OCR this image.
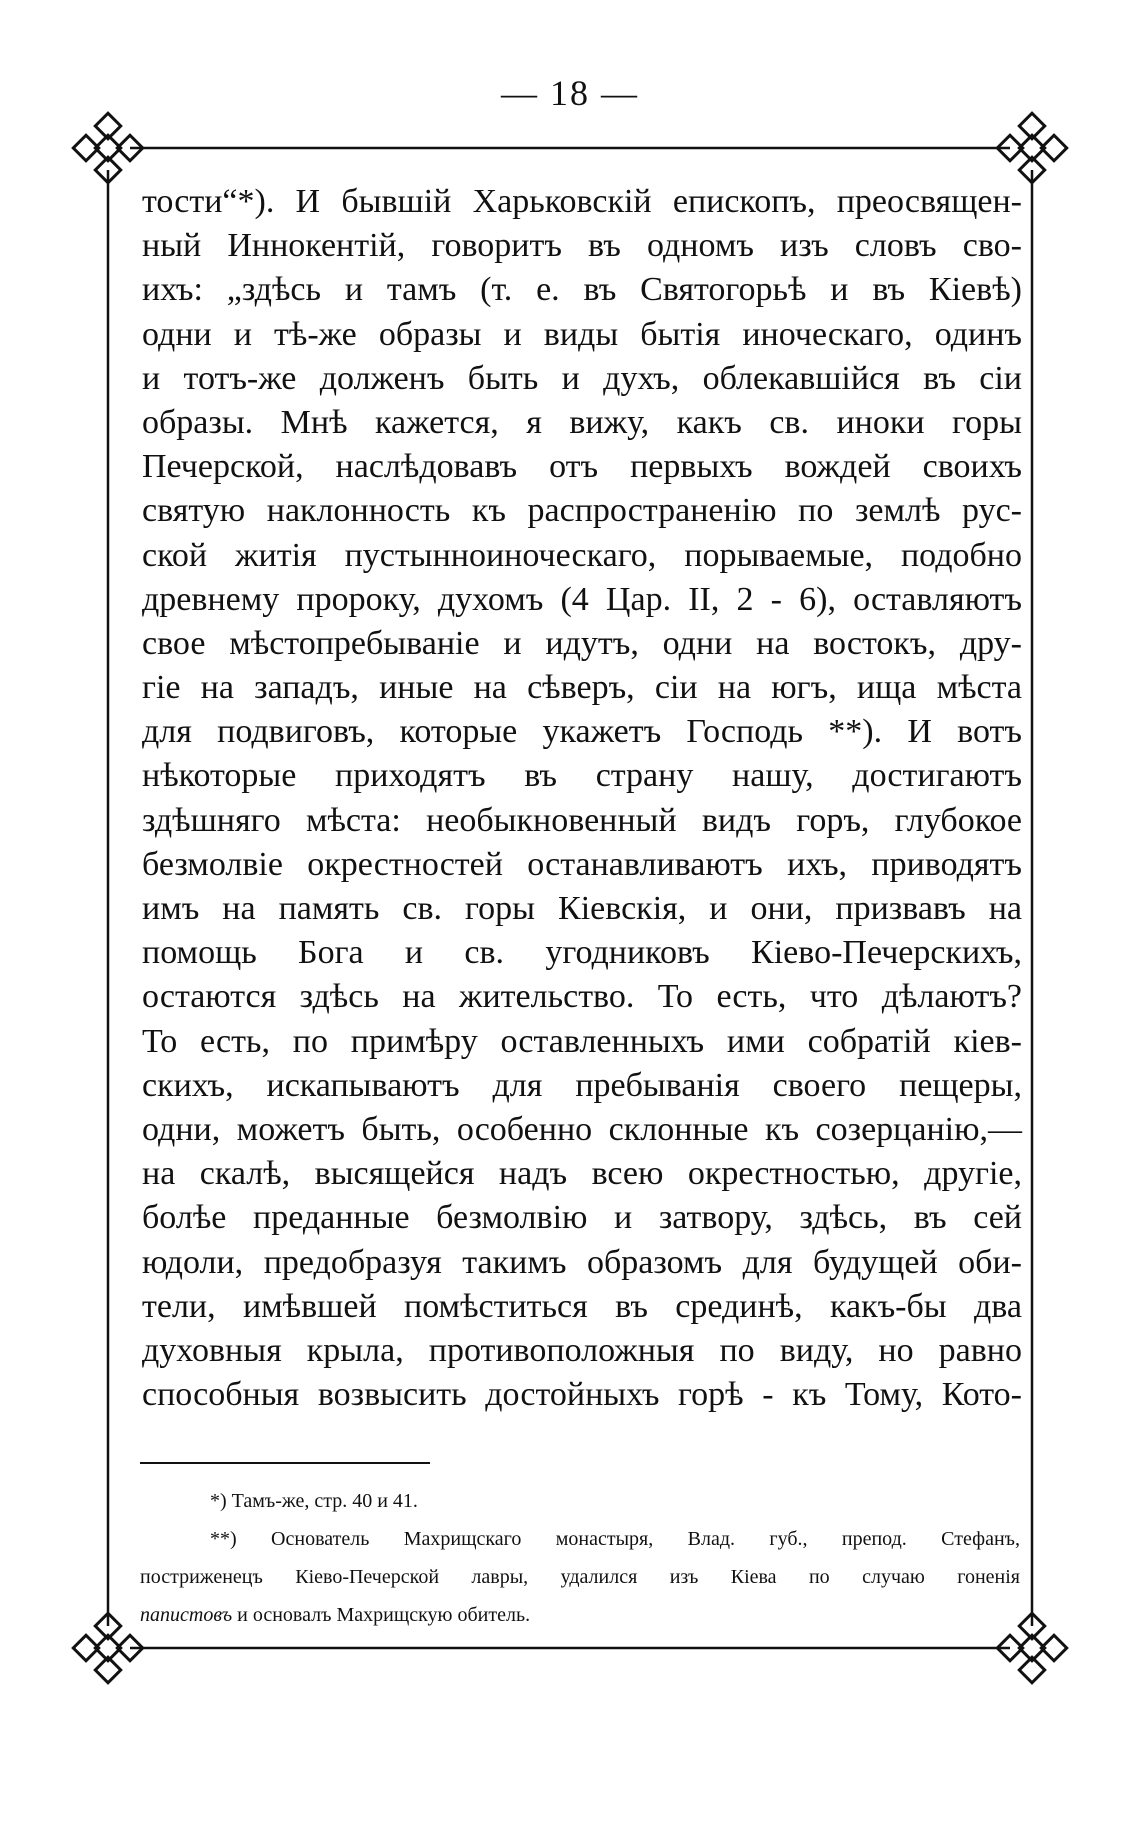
— 18 —
тости“*). И бывшій Харьковскій епископъ, преосвящен-
ный Иннокентій, говоритъ въ одномъ изъ словъ сво-
ихъ: „здѣсь и тамъ (т. е. въ Святогорьѣ и въ Кіевѣ)
одни и тѣ-же образы и виды бытія иноческаго, одинъ
и тотъ-же долженъ быть и духъ, облекавшійся въ сіи
образы. Мнѣ кажется, я вижу, какъ св. иноки горы
Печерской, наслѣдовавъ отъ первыхъ вождей своихъ
святую наклонность къ распространенію по землѣ рус-
ской житія пустынноиноческаго, порываемые, подобно
древнему пророку, духомъ (4 Цар. II, 2 - 6), оставляютъ
свое мѣстопребываніе и идутъ, одни на востокъ, дру-
гіе на западъ, иные на сѣверъ, сіи на югъ, ища мѣста
для подвиговъ, которые укажетъ Господь **). И вотъ
нѣкоторые приходятъ въ страну нашу, достигаютъ
здѣшняго мѣста: необыкновенный видъ горъ, глубокое
безмолвіе окрестностей останавливаютъ ихъ, приводятъ
имъ на память св. горы Кіевскія, и они, призвавъ на
помощь Бога и св. угодниковъ Кіево-Печерскихъ,
остаются здѣсь на жительство. То есть, что дѣлаютъ?
То есть, по примѣру оставленныхъ ими собратій кіев-
скихъ, искапываютъ для пребыванія своего пещеры,
одни, можетъ быть, особенно склонные къ созерцанію,—
на скалѣ, высящейся надъ всею окрестностью, другіе,
болѣе преданные безмолвію и затвору, здѣсь, въ сей
юдоли, предобразуя такимъ образомъ для будущей оби-
тели, имѣвшей помѣститься въ срединѣ, какъ-бы два
духовныя крыла, противоположныя по виду, но равно
способныя возвысить достойныхъ горѣ - къ Тому, Кото-
*) Тамъ-же, стр. 40 и 41.
**) Основатель Махрищскаго монастыря, Влад. губ., препод. Стефанъ,
постриженецъ Кіево-Печерской лавры, удалился изъ Кіева по случаю гоненія
папистовъ и основалъ Махрищскую обитель.
